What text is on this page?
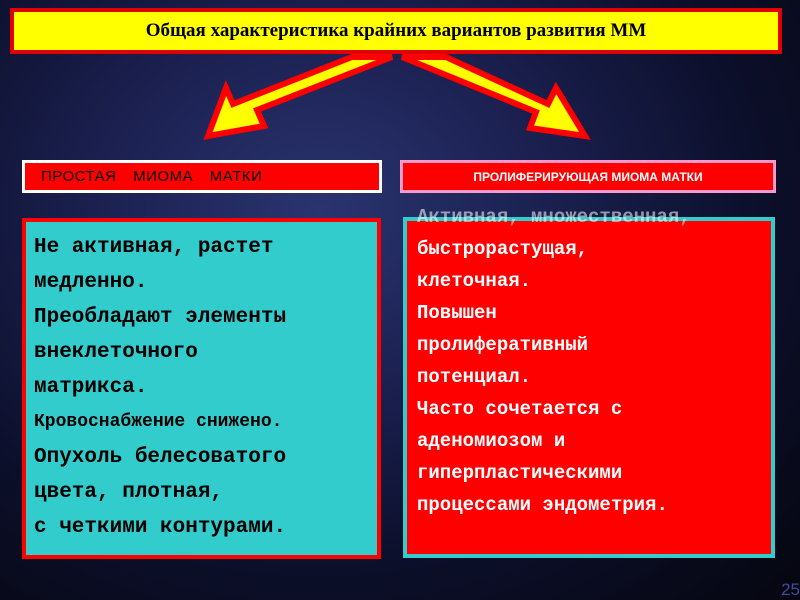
Общая характеристика крайних вариантов развития ММ
ПРОСТАЯ МИОМА МАТКИ	ПРОЛИФЕРИРУЮЩАЯ МИОМА МАТКИ
Не активная, растет
медленно.
Преобладают элементы
внеклеточного
матрикса.
Кровоснабжение снижено.
Опухоль белесоватого
цвета, плотная,
с четкими контурами.
Активная, множественная,
быстрорастущая,
клеточная.
Повышен
пролиферативный
потенциал.
Часто сочетается с
аденомиозом и
гиперпластическими
процессами эндометрия.
25
